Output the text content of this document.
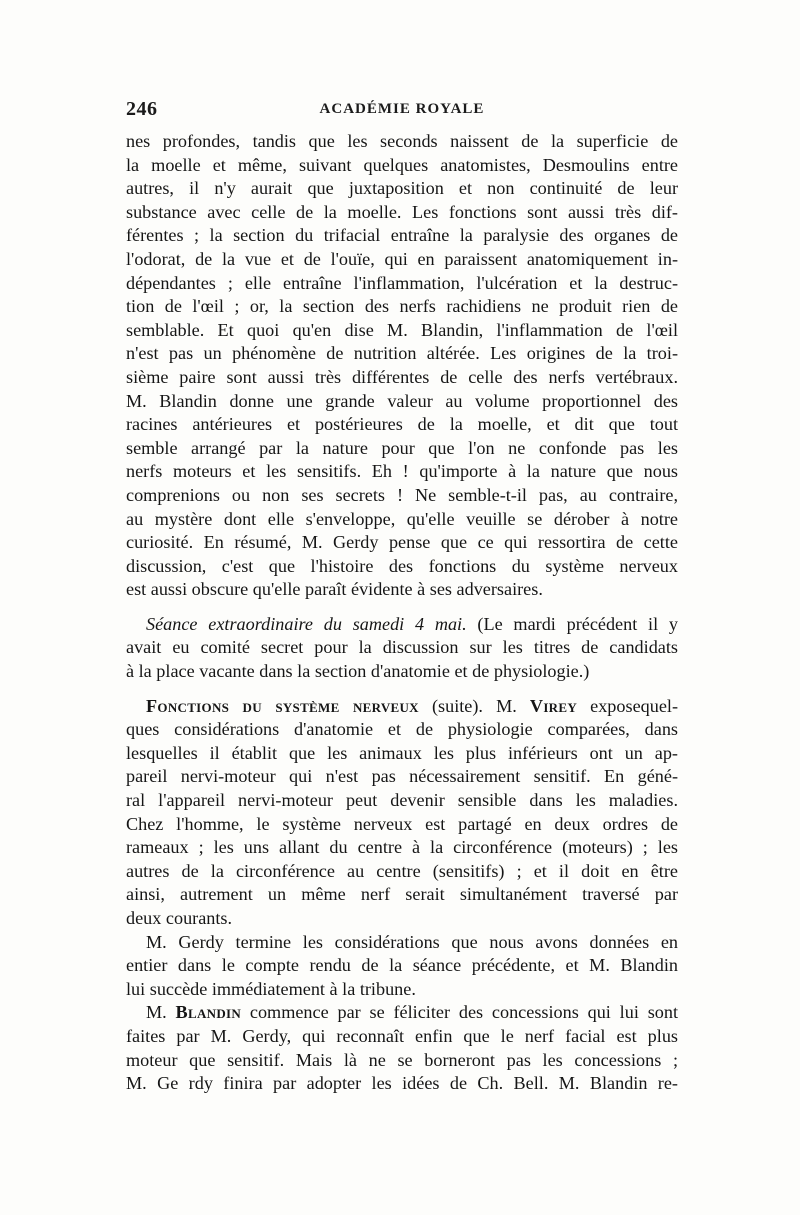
246	ACADÉMIE ROYALE
nes profondes, tandis que les seconds naissent de la superficie de
la moelle et même, suivant quelques anatomistes, Desmoulins entre
autres, il n'y aurait que juxtaposition et non continuité de leur
substance avec celle de la moelle. Les fonctions sont aussi très dif-
férentes ; la section du trifacial entraîne la paralysie des organes de
l'odorat, de la vue et de l'ouïe, qui en paraissent anatomiquement in-
dépendantes ; elle entraîne l'inflammation, l'ulcération et la destruc-
tion de l'œil ; or, la section des nerfs rachidiens ne produit rien de
semblable. Et quoi qu'en dise M. Blandin, l'inflammation de l'œil
n'est pas un phénomène de nutrition altérée. Les origines de la troi-
sième paire sont aussi très différentes de celle des nerfs vertébraux.
M. Blandin donne une grande valeur au volume proportionnel des
racines antérieures et postérieures de la moelle, et dit que tout
semble arrangé par la nature pour que l'on ne confonde pas les
nerfs moteurs et les sensitifs. Eh ! qu'importe à la nature que nous
comprenions ou non ses secrets ! Ne semble-t-il pas, au contraire,
au mystère dont elle s'enveloppe, qu'elle veuille se dérober à notre
curiosité. En résumé, M. Gerdy pense que ce qui ressortira de cette
discussion, c'est que l'histoire des fonctions du système nerveux
est aussi obscure qu'elle paraît évidente à ses adversaires.
Séance extraordinaire du samedi 4 mai. (Le mardi précédent il y
avait eu comité secret pour la discussion sur les titres de candidats
à la place vacante dans la section d'anatomie et de physiologie.)
Fonctions du système nerveux (suite). M. Virey exposequel-
ques considérations d'anatomie et de physiologie comparées, dans
lesquelles il établit que les animaux les plus inférieurs ont un ap-
pareil nervi-moteur qui n'est pas nécessairement sensitif. En géné-
ral l'appareil nervi-moteur peut devenir sensible dans les maladies.
Chez l'homme, le système nerveux est partagé en deux ordres de
rameaux ; les uns allant du centre à la circonférence (moteurs) ; les
autres de la circonférence au centre (sensitifs) ; et il doit en être
ainsi, autrement un même nerf serait simultanément traversé par
deux courants.
M. Gerdy termine les considérations que nous avons données en
entier dans le compte rendu de la séance précédente, et M. Blandin
lui succède immédiatement à la tribune.
M. Blandin commence par se féliciter des concessions qui lui sont
faites par M. Gerdy, qui reconnaît enfin que le nerf facial est plus
moteur que sensitif. Mais là ne se borneront pas les concessions ;
M. Ge rdy finira par adopter les idées de Ch. Bell. M. Blandin re-
